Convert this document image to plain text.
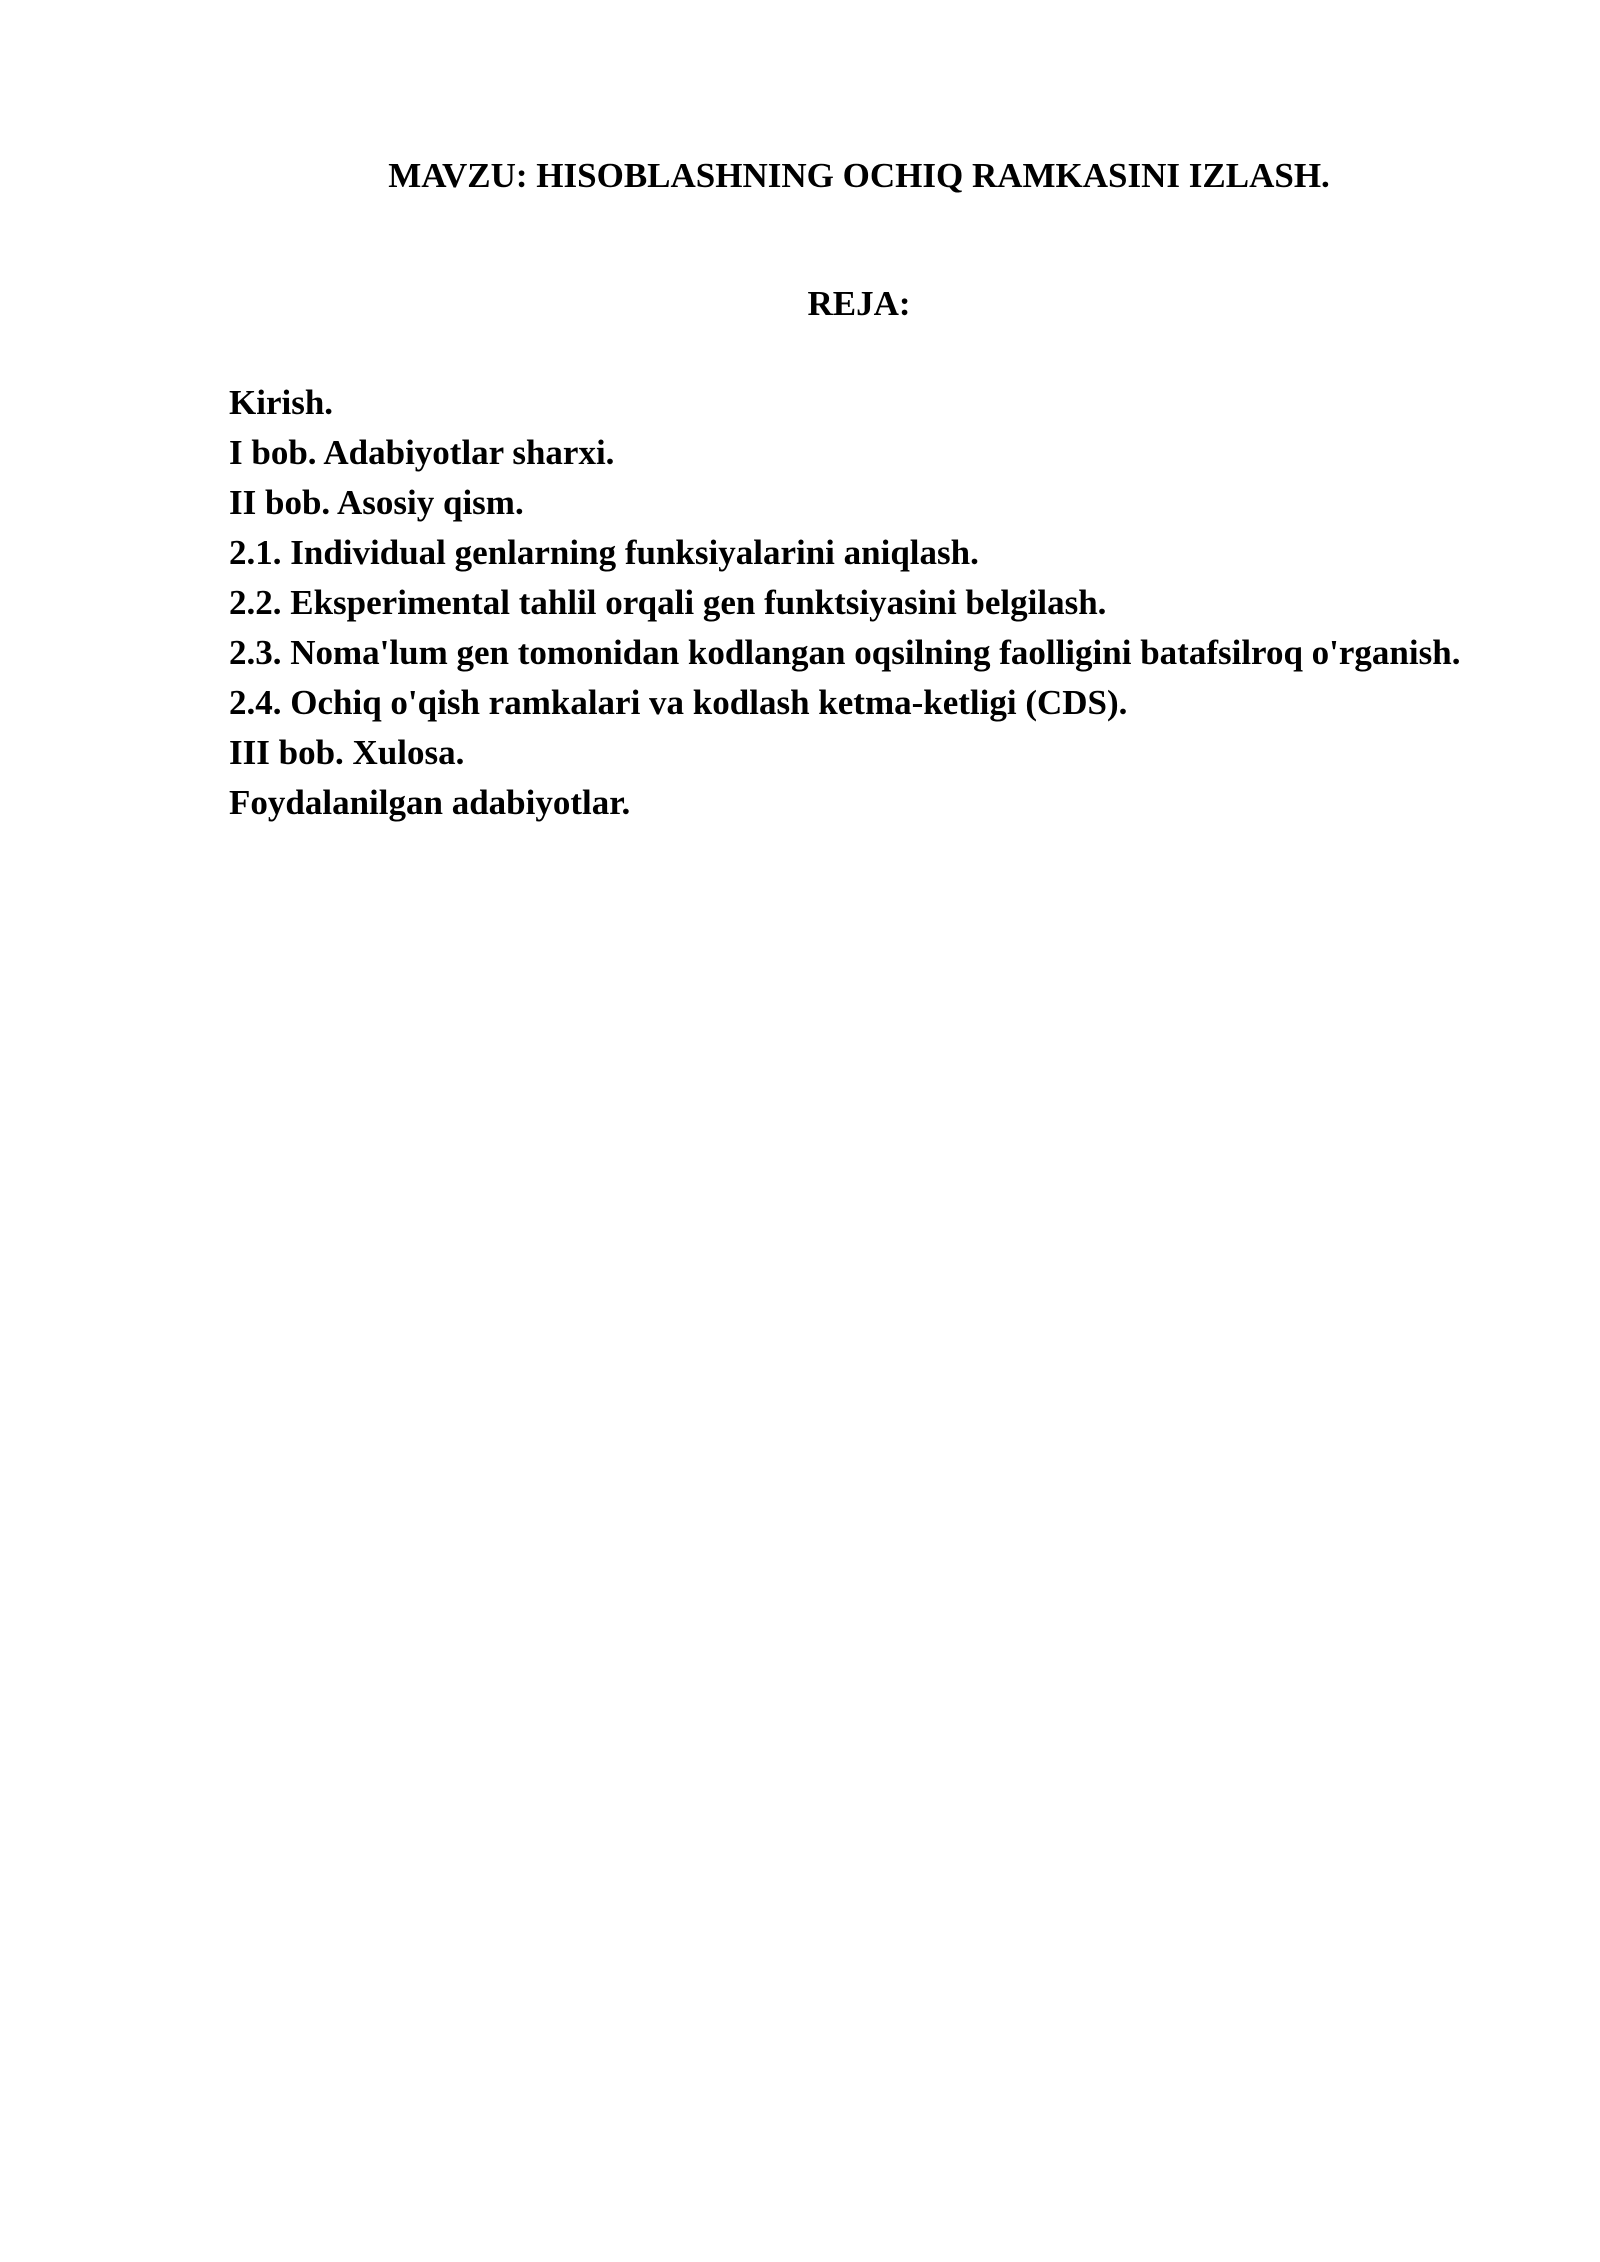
MAVZU: HISOBLASHNING OCHIQ RAMKASINI IZLASH.
REJA:
Kirish.
I bob. Adabiyotlar sharxi.
II bob. Asosiy qism.
2.1. Individual genlarning funksiyalarini aniqlash.
2.2. Eksperimental tahlil orqali gen funktsiyasini belgilash.
2.3. Noma'lum gen tomonidan kodlangan oqsilning faolligini batafsilroq o'rganish.
2.4. Ochiq o'qish ramkalari va kodlash ketma-ketligi (CDS).
III bob. Xulosa.
Foydalanilgan adabiyotlar.
